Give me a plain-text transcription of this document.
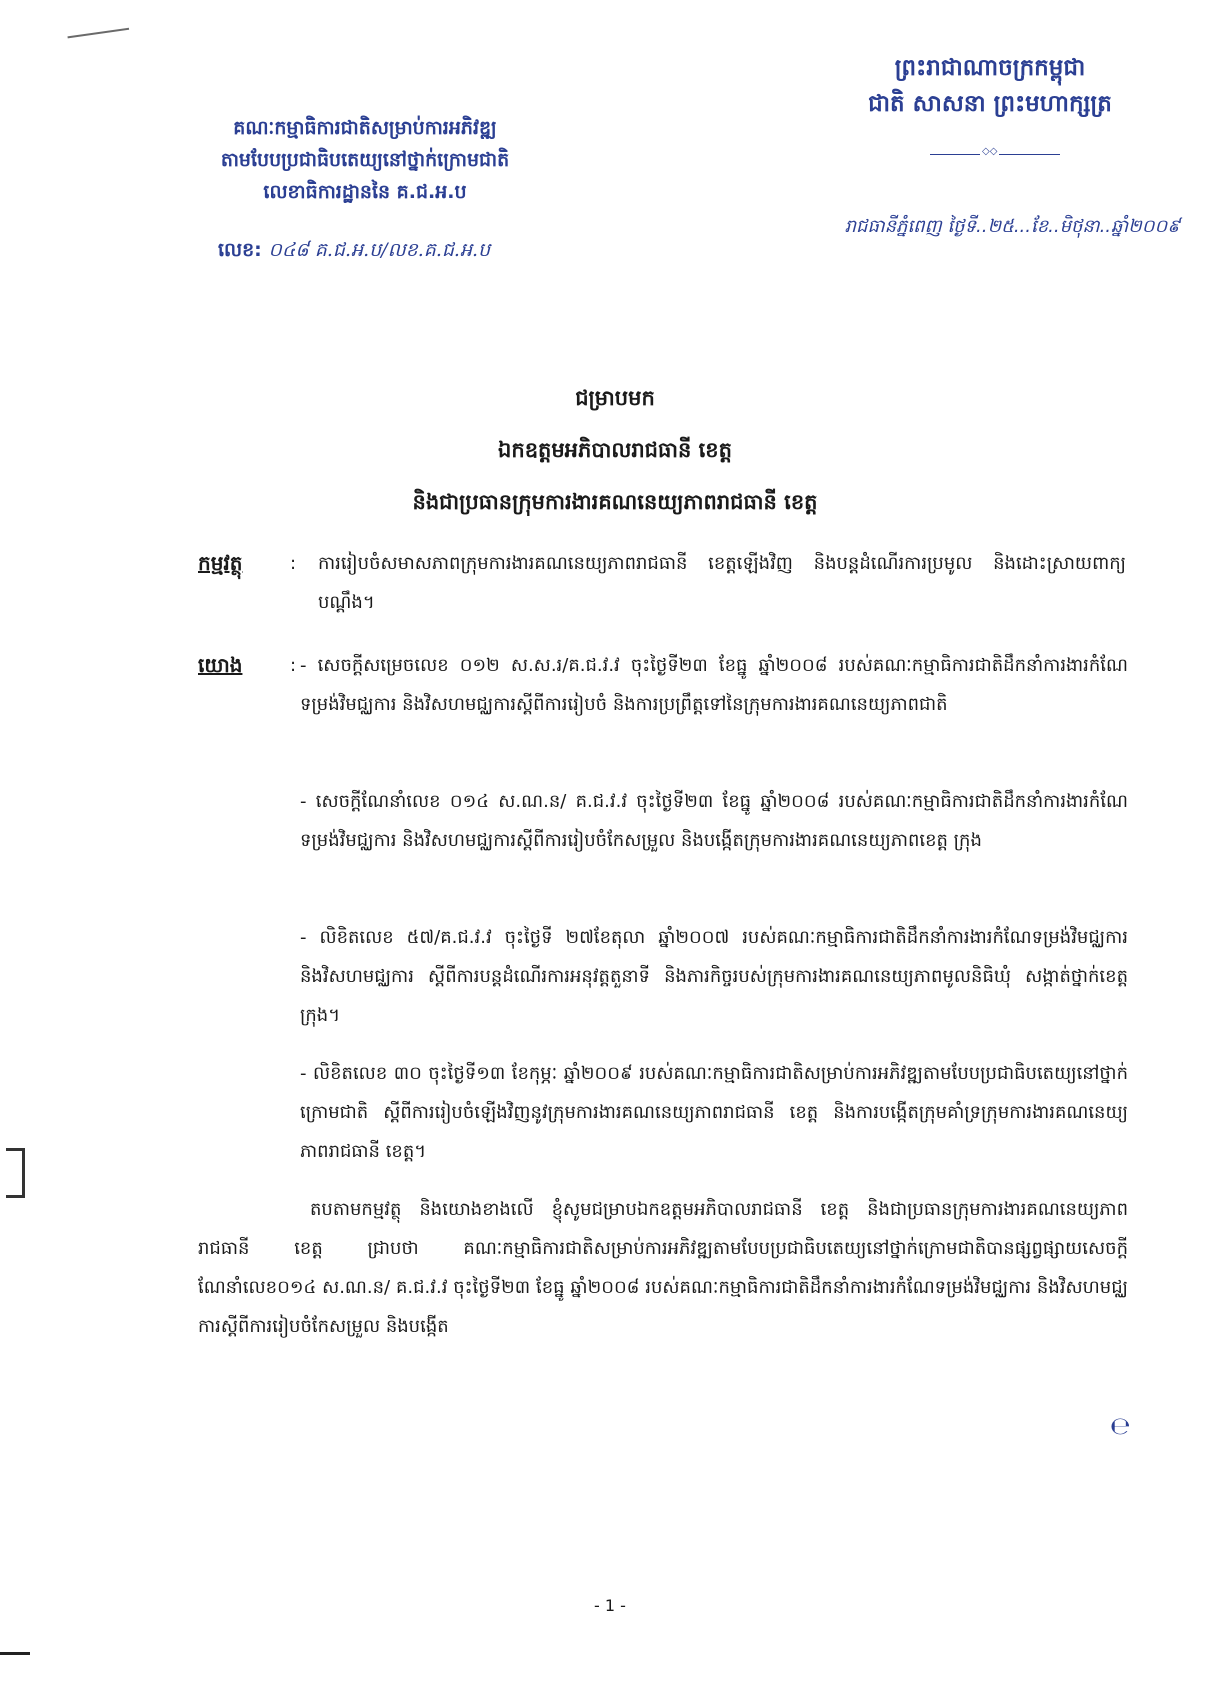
គណៈកម្មាធិការជាតិសម្រាប់ការអភិវឌ្ឍ
តាមបែបប្រជាធិបតេយ្យនៅថ្នាក់ក្រោមជាតិ
លេខាធិការដ្ឋាននៃ គ.ជ.អ.ប
លេខ: ០៤៨ គ.ជ.អ.ប/លខ.គ.ជ.អ.ប
ព្រះរាជាណាចក្រកម្ពុជា
ជាតិ សាសនា ព្រះមហាក្សត្រ
◇◇
រាជធានីភ្នំពេញ ថ្ងៃទី..២៥...ខែ..មិថុនា..ឆ្នាំ២០០៩
ជម្រាបមក
ឯកឧត្តមអភិបាលរាជធានី ខេត្ត
និងជាប្រធានក្រុមការងារគណនេយ្យភាពរាជធានី ខេត្ត
កម្មវត្ថុ	: ការរៀបចំសមាសភាពក្រុមការងារគណនេយ្យភាពរាជធានី ខេត្តឡើងវិញ និងបន្តដំណើរការប្រមូល និងដោះស្រាយពាក្យបណ្តឹង។
យោង	: - សេចក្តីសម្រេចលេខ ០១២ ស.ស.រ/គ.ជ.វ.វ ចុះថ្ងៃទី២៣ ខែធ្នូ ឆ្នាំ២០០៨ របស់គណៈកម្មាធិការជាតិដឹកនាំការងារកំណែទម្រង់វិមជ្ឈការ និងវិសហមជ្ឈការស្តីពីការរៀបចំ និងការប្រព្រឹត្តទៅនៃក្រុមការងារគណនេយ្យភាពជាតិ
- សេចក្តីណែនាំលេខ ០១៤ ស.ណ.ន/ គ.ជ.វ.វ ចុះថ្ងៃទី២៣ ខែធ្នូ ឆ្នាំ២០០៨ របស់គណៈកម្មាធិការជាតិដឹកនាំការងារកំណែទម្រង់វិមជ្ឈការ និងវិសហមជ្ឈការស្តីពីការរៀបចំកែសម្រួល និងបង្កើតក្រុមការងារគណនេយ្យភាពខេត្ត ក្រុង
- លិខិតលេខ ៥៧/គ.ជ.វ.វ ចុះថ្ងៃទី ២៧ខែតុលា ឆ្នាំ២០០៧ របស់គណៈកម្មាធិការជាតិដឹកនាំការងារកំណែទម្រង់វិមជ្ឈការ និងវិសហមជ្ឈការ ស្តីពីការបន្តដំណើរការអនុវត្តតួនាទី និងភារកិច្ចរបស់ក្រុមការងារគណនេយ្យភាពមូលនិធិឃុំ សង្កាត់ថ្នាក់ខេត្ត ក្រុង។
- លិខិតលេខ ៣០ ចុះថ្ងៃទី១៣ ខែកុម្ភៈ ឆ្នាំ២០០៩ របស់គណៈកម្មាធិការជាតិសម្រាប់ការអភិវឌ្ឍតាមបែបប្រជាធិបតេយ្យនៅថ្នាក់ក្រោមជាតិ ស្តីពីការរៀបចំឡើងវិញនូវក្រុមការងារគណនេយ្យភាពរាជធានី ខេត្ត និងការបង្កើតក្រុមគាំទ្រក្រុមការងារគណនេយ្យភាពរាជធានី ខេត្ត។
តបតាមកម្មវត្ថុ និងយោងខាងលើ ខ្ញុំសូមជម្រាបឯកឧត្តមអភិបាលរាជធានី ខេត្ត និងជាប្រធានក្រុមការងារគណនេយ្យភាពរាជធានី ខេត្ត ជ្រាបថា គណៈកម្មាធិការជាតិសម្រាប់ការអភិវឌ្ឍតាមបែបប្រជាធិបតេយ្យនៅថ្នាក់ក្រោមជាតិបានផ្សព្វផ្សាយសេចក្តីណែនាំលេខ០១៤ ស.ណ.ន/ គ.ជ.វ.វ ចុះថ្ងៃទី២៣ ខែធ្នូ ឆ្នាំ២០០៨ របស់គណៈកម្មាធិការជាតិដឹកនាំការងារកំណែទម្រង់វិមជ្ឈការ និងវិសហមជ្ឈការស្តីពីការរៀបចំកែសម្រួល និងបង្កើត
℮
- 1 -
